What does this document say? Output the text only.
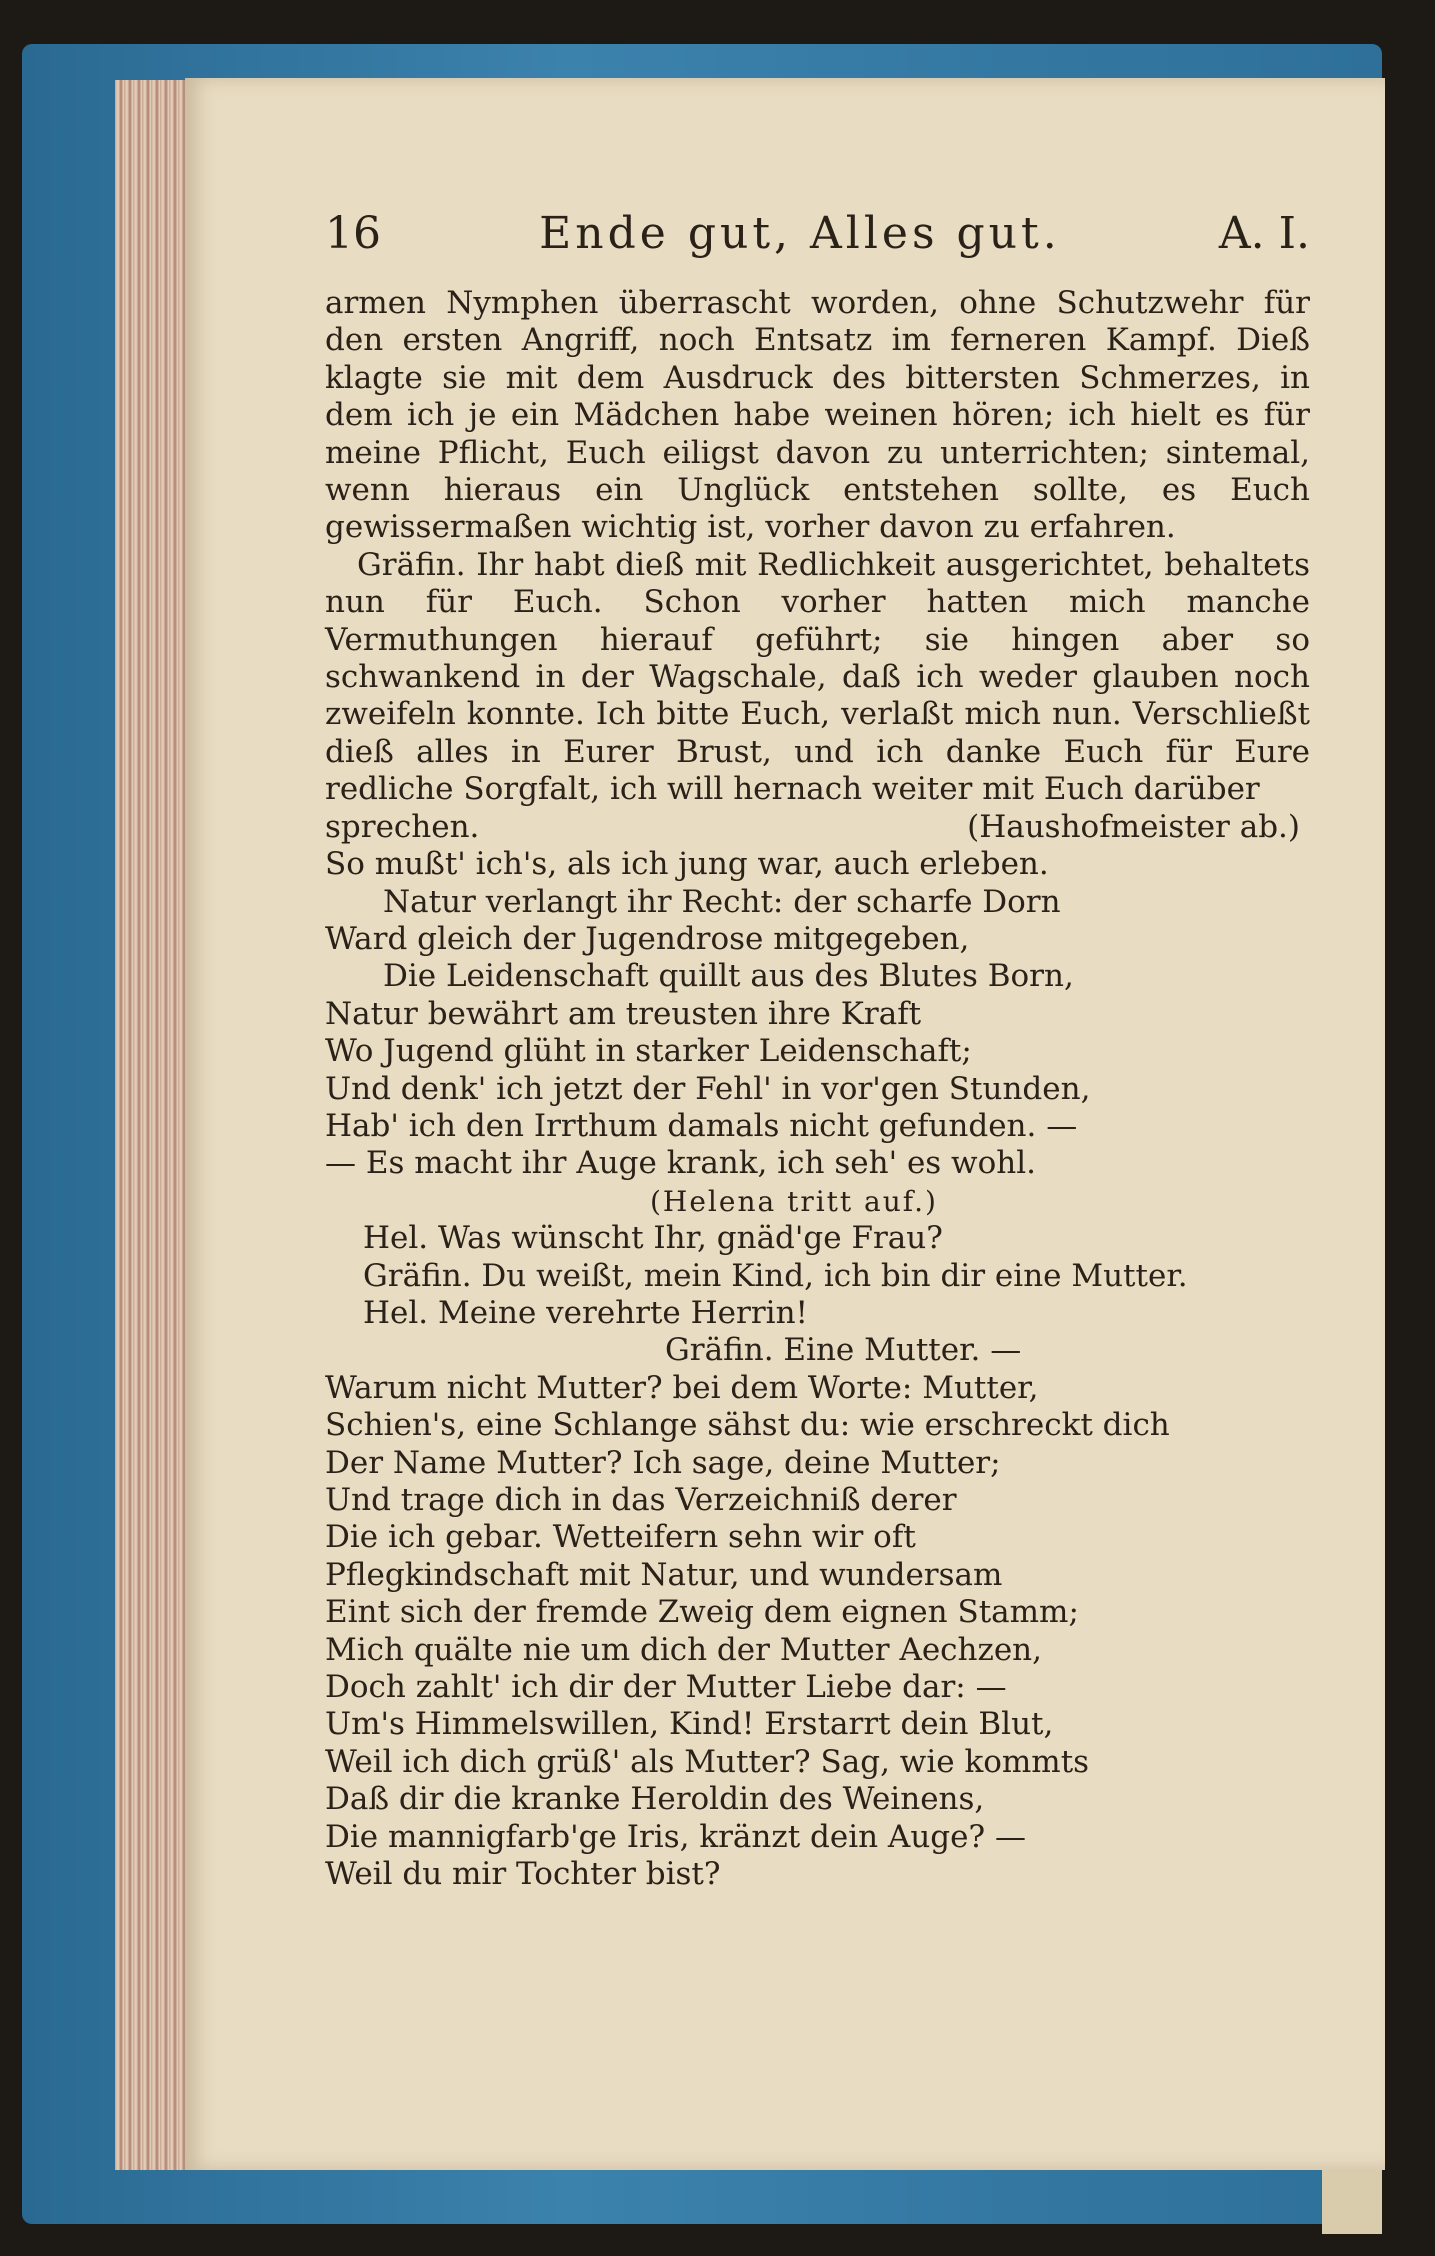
16	Ende gut, Alles gut.	A. I.

armen Nymphen überrascht worden, ohne Schutzwehr für den ersten Angriff, noch Entsatz im ferneren Kampf. Dieß klagte sie mit dem Ausdruck des bittersten Schmerzes, in dem ich je ein Mädchen habe weinen hören; ich hielt es für meine Pflicht, Euch eiligst davon zu unterrichten; sintemal, wenn hieraus ein Unglück entstehen sollte, es Euch gewissermaßen wichtig ist, vorher davon zu erfahren.

Gräfin. Ihr habt dieß mit Redlichkeit ausgerichtet, behaltets nun für Euch. Schon vorher hatten mich manche Vermuthungen hierauf geführt; sie hingen aber so schwankend in der Wagschale, daß ich weder glauben noch zweifeln konnte. Ich bitte Euch, verlaßt mich nun. Verschließt dieß alles in Eurer Brust, und ich danke Euch für Eure redliche Sorgfalt, ich will hernach weiter mit Euch darüber

sprechen.	(Haushofmeister ab.)
So mußt' ich's, als ich jung war, auch erleben.
Natur verlangt ihr Recht: der scharfe Dorn
Ward gleich der Jugendrose mitgegeben,
Die Leidenschaft quillt aus des Blutes Born,
Natur bewährt am treusten ihre Kraft
Wo Jugend glüht in starker Leidenschaft;
Und denk' ich jetzt der Fehl' in vor'gen Stunden,
Hab' ich den Irrthum damals nicht gefunden. —
— Es macht ihr Auge krank, ich seh' es wohl.
(Helena tritt auf.)
Hel. Was wünscht Ihr, gnäd'ge Frau?
Gräfin. Du weißt, mein Kind, ich bin dir eine Mutter.
Hel. Meine verehrte Herrin!
Gräfin. Eine Mutter. —
Warum nicht Mutter? bei dem Worte: Mutter,
Schien's, eine Schlange sähst du: wie erschreckt dich
Der Name Mutter? Ich sage, deine Mutter;
Und trage dich in das Verzeichniß derer
Die ich gebar. Wetteifern sehn wir oft
Pflegkindschaft mit Natur, und wundersam
Eint sich der fremde Zweig dem eignen Stamm;
Mich quälte nie um dich der Mutter Aechzen,
Doch zahlt' ich dir der Mutter Liebe dar: —
Um's Himmelswillen, Kind! Erstarrt dein Blut,
Weil ich dich grüß' als Mutter? Sag, wie kommts
Daß dir die kranke Heroldin des Weinens,
Die mannigfarb'ge Iris, kränzt dein Auge? —
Weil du mir Tochter bist?
